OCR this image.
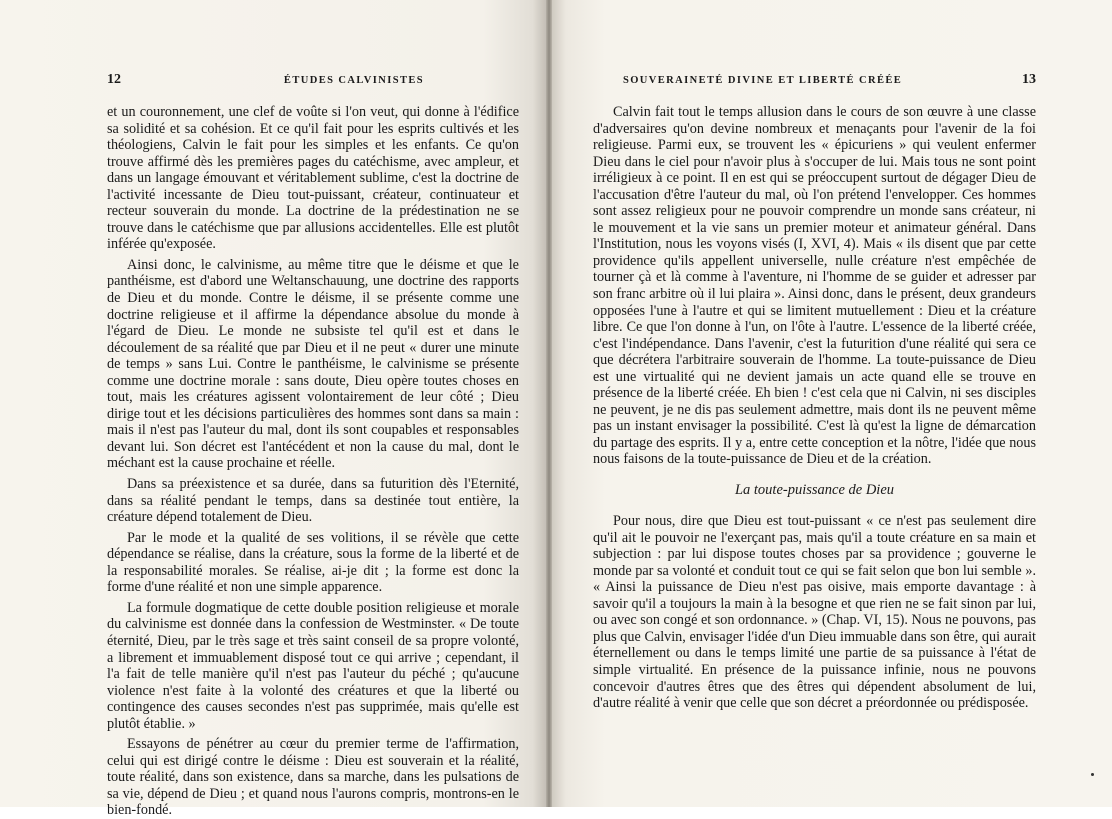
12	ÉTUDES CALVINISTES

et un couronnement, une clef de voûte si l'on veut, qui donne à l'édifice sa solidité et sa cohésion. Et ce qu'il fait pour les esprits cultivés et les théologiens, Calvin le fait pour les simples et les enfants. Ce qu'on trouve affirmé dès les premières pages du catéchisme, avec ampleur, et dans un langage émouvant et véritablement sublime, c'est la doctrine de l'activité incessante de Dieu tout-puissant, créateur, continuateur et recteur souverain du monde. La doctrine de la prédestination ne se trouve dans le catéchisme que par allusions accidentelles. Elle est plutôt inférée qu'exposée.

Ainsi donc, le calvinisme, au même titre que le déisme et que le panthéisme, est d'abord une Weltanschauung, une doctrine des rapports de Dieu et du monde. Contre le déisme, il se présente comme une doctrine religieuse et il affirme la dépendance absolue du monde à l'égard de Dieu. Le monde ne subsiste tel qu'il est et dans le découlement de sa réalité que par Dieu et il ne peut « durer une minute de temps » sans Lui. Contre le panthéisme, le calvinisme se présente comme une doctrine morale : sans doute, Dieu opère toutes choses en tout, mais les créatures agissent volontairement de leur côté ; Dieu dirige tout et les décisions particulières des hommes sont dans sa main : mais il n'est pas l'auteur du mal, dont ils sont coupables et responsables devant lui. Son décret est l'antécédent et non la cause du mal, dont le méchant est la cause prochaine et réelle.

Dans sa préexistence et sa durée, dans sa futurition dès l'Eternité, dans sa réalité pendant le temps, dans sa destinée tout entière, la créature dépend totalement de Dieu.

Par le mode et la qualité de ses volitions, il se révèle que cette dépendance se réalise, dans la créature, sous la forme de la liberté et de la responsabilité morales. Se réalise, ai-je dit ; la forme est donc la forme d'une réalité et non une simple apparence.

La formule dogmatique de cette double position religieuse et morale du calvinisme est donnée dans la confession de Westminster. « De toute éternité, Dieu, par le très sage et très saint conseil de sa propre volonté, a librement et immuablement disposé tout ce qui arrive ; cependant, il l'a fait de telle manière qu'il n'est pas l'auteur du péché ; qu'aucune violence n'est faite à la volonté des créatures et que la liberté ou contingence des causes secondes n'est pas supprimée, mais qu'elle est plutôt établie. »

Essayons de pénétrer au cœur du premier terme de l'affirmation, celui qui est dirigé contre le déisme : Dieu est souverain et la réalité, toute réalité, dans son existence, dans sa marche, dans les pulsations de sa vie, dépend de Dieu ; et quand nous l'aurons compris, montrons-en le bien-fondé.

SOUVERAINETÉ DIVINE ET LIBERTÉ CRÉÉE	13

Calvin fait tout le temps allusion dans le cours de son œuvre à une classe d'adversaires qu'on devine nombreux et menaçants pour l'avenir de la foi religieuse. Parmi eux, se trouvent les « épicuriens » qui veulent enfermer Dieu dans le ciel pour n'avoir plus à s'occuper de lui. Mais tous ne sont point irréligieux à ce point. Il en est qui se préoccupent surtout de dégager Dieu de l'accusation d'être l'auteur du mal, où l'on prétend l'envelopper. Ces hommes sont assez religieux pour ne pouvoir comprendre un monde sans créateur, ni le mouvement et la vie sans un premier moteur et animateur général. Dans l'Institution, nous les voyons visés (I, XVI, 4). Mais « ils disent que par cette providence qu'ils appellent universelle, nulle créature n'est empêchée de tourner çà et là comme à l'aventure, ni l'homme de se guider et adresser par son franc arbitre où il lui plaira ». Ainsi donc, dans le présent, deux grandeurs opposées l'une à l'autre et qui se limitent mutuellement : Dieu et la créature libre. Ce que l'on donne à l'un, on l'ôte à l'autre. L'essence de la liberté créée, c'est l'indépendance. Dans l'avenir, c'est la futurition d'une réalité qui sera ce que décrétera l'arbitraire souverain de l'homme. La toute-puissance de Dieu est une virtualité qui ne devient jamais un acte quand elle se trouve en présence de la liberté créée. Eh bien ! c'est cela que ni Calvin, ni ses disciples ne peuvent, je ne dis pas seulement admettre, mais dont ils ne peuvent même pas un instant envisager la possibilité. C'est là qu'est la ligne de démarcation du partage des esprits. Il y a, entre cette conception et la nôtre, l'idée que nous nous faisons de la toute-puissance de Dieu et de la création.

La toute-puissance de Dieu

Pour nous, dire que Dieu est tout-puissant « ce n'est pas seulement dire qu'il ait le pouvoir ne l'exerçant pas, mais qu'il a toute créature en sa main et subjection : par lui dispose toutes choses par sa providence ; gouverne le monde par sa volonté et conduit tout ce qui se fait selon que bon lui semble ». « Ainsi la puissance de Dieu n'est pas oisive, mais emporte davantage : à savoir qu'il a toujours la main à la besogne et que rien ne se fait sinon par lui, ou avec son congé et son ordonnance. » (Chap. VI, 15). Nous ne pouvons, pas plus que Calvin, envisager l'idée d'un Dieu immuable dans son être, qui aurait éternellement ou dans le temps limité une partie de sa puissance à l'état de simple virtualité. En présence de la puissance infinie, nous ne pouvons concevoir d'autres êtres que des êtres qui dépendent absolument de lui, d'autre réalité à venir que celle que son décret a préordonnée ou prédisposée.
